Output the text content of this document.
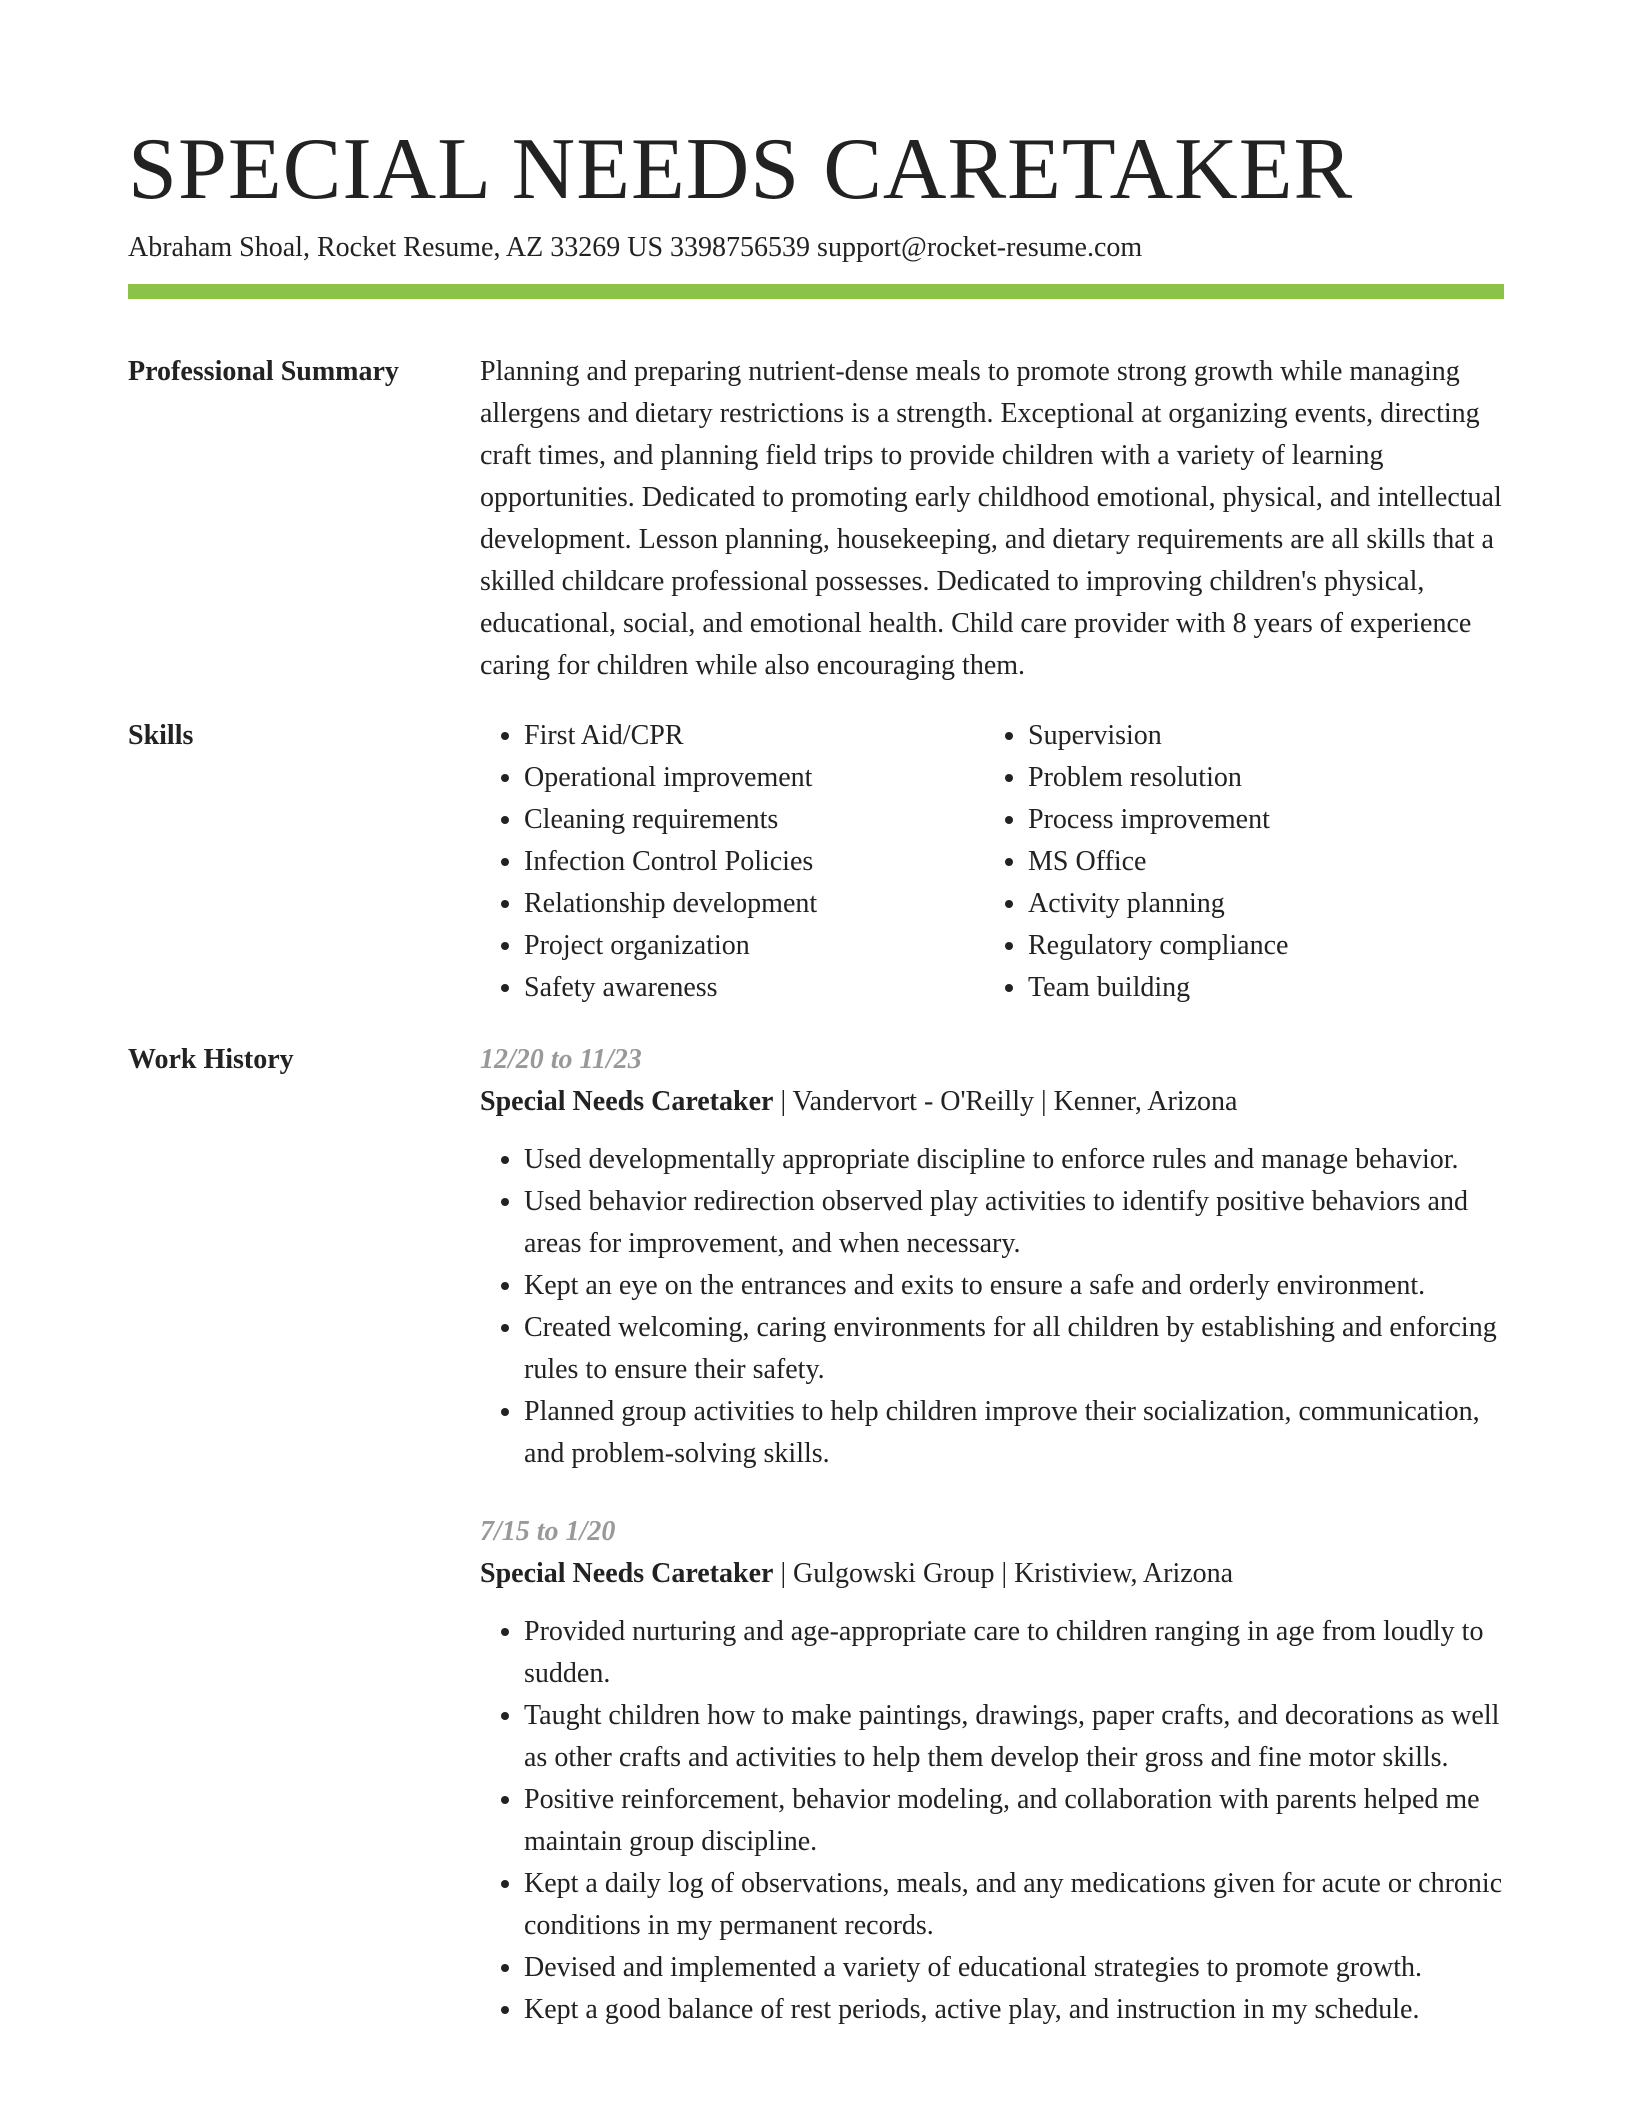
SPECIAL NEEDS CARETAKER
Abraham Shoal, Rocket Resume, AZ 33269 US 3398756539 support@rocket-resume.com
Professional Summary	Planning and preparing nutrient-dense meals to promote strong growth while managing allergens and dietary restrictions is a strength. Exceptional at organizing events, directing craft times, and planning field trips to provide children with a variety of learning opportunities. Dedicated to promoting early childhood emotional, physical, and intellectual development. Lesson planning, housekeeping, and dietary requirements are all skills that a skilled childcare professional possesses. Dedicated to improving children's physical, educational, social, and emotional health. Child care provider with 8 years of experience caring for children while also encouraging them.

Skills
•	First Aid/CPR
• Operational improvement
• Cleaning requirements
• Infection Control Policies
• Relationship development
• Project organization
• Safety awareness
• Supervision
• Problem resolution
• Process improvement
• MS Office
• Activity planning
• Regulatory compliance
• Team building
Work History	12/20 to 11/23
Special Needs Caretaker | Vandervort - O'Reilly | Kenner, Arizona
• Used developmentally appropriate discipline to enforce rules and manage behavior.
• Used behavior redirection observed play activities to identify positive behaviors and areas for improvement, and when necessary.
• Kept an eye on the entrances and exits to ensure a safe and orderly environment.
• Created welcoming, caring environments for all children by establishing and enforcing rules to ensure their safety.
• Planned group activities to help children improve their socialization, communication, and problem-solving skills.
7/15 to 1/20
Special Needs Caretaker | Gulgowski Group | Kristiview, Arizona
• Provided nurturing and age-appropriate care to children ranging in age from loudly to sudden.
• Taught children how to make paintings, drawings, paper crafts, and decorations as well as other crafts and activities to help them develop their gross and fine motor skills.
• Positive reinforcement, behavior modeling, and collaboration with parents helped me maintain group discipline.
• Kept a daily log of observations, meals, and any medications given for acute or chronic conditions in my permanent records.
• Devised and implemented a variety of educational strategies to promote growth.
• Kept a good balance of rest periods, active play, and instruction in my schedule.
